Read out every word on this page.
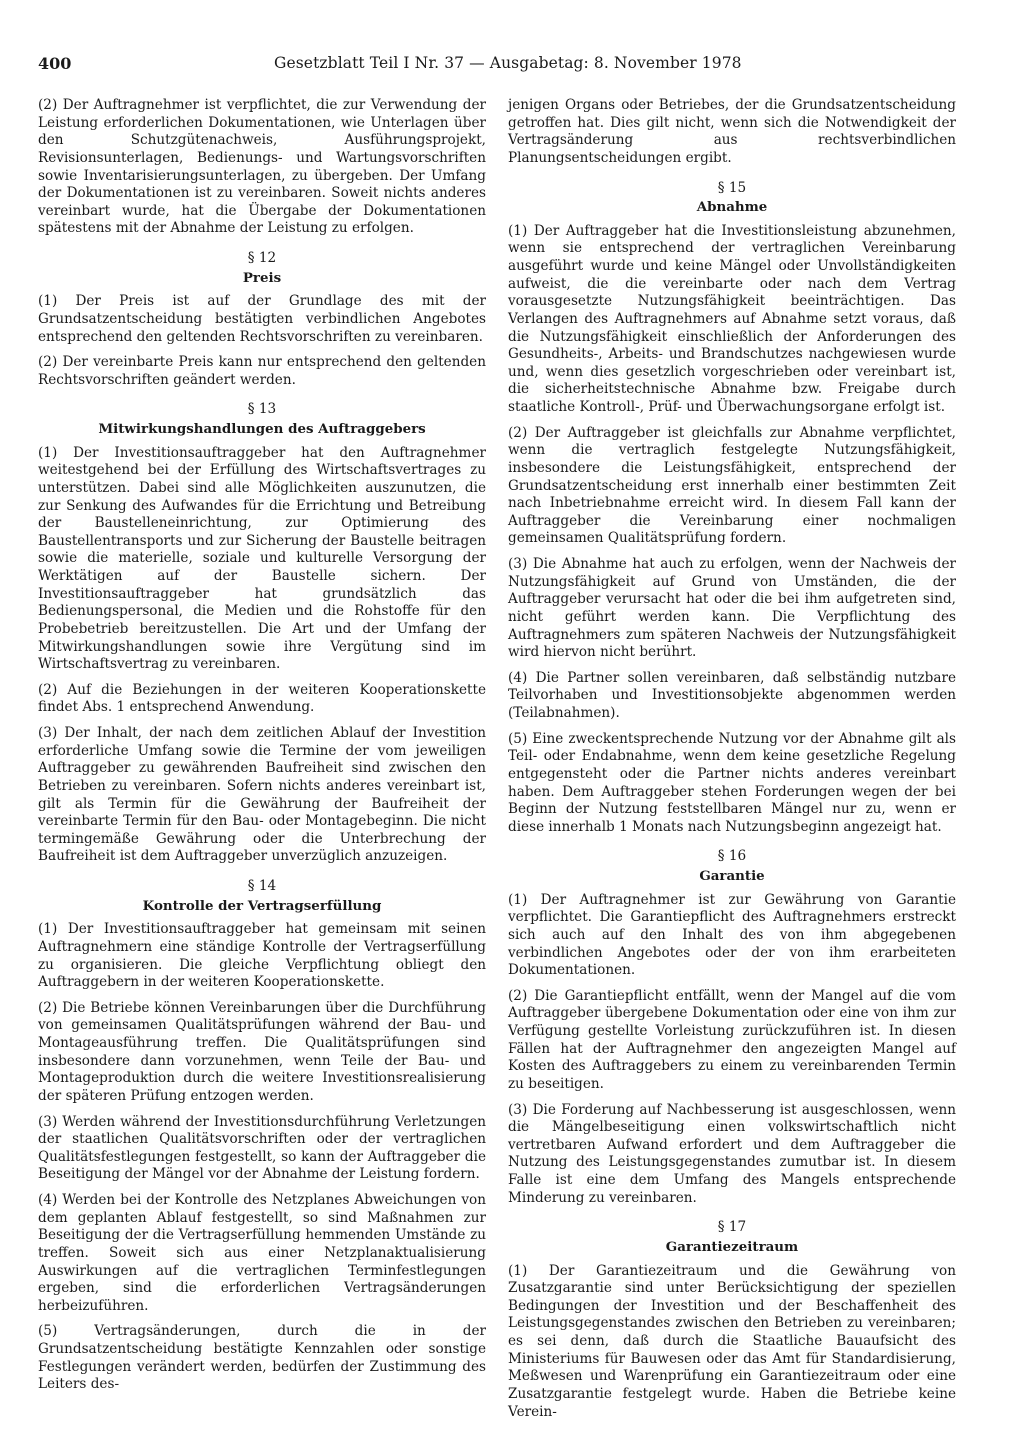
400	Gesetzblatt Teil I Nr. 37 — Ausgabetag: 8. November 1978

(2) Der Auftragnehmer ist verpflichtet, die zur Verwendung der Leistung erforderlichen Dokumentationen, wie Unterlagen über den Schutzgütenachweis, Ausführungsprojekt, Revisionsunterlagen, Bedienungs- und Wartungsvorschriften sowie Inventarisierungsunterlagen, zu übergeben. Der Umfang der Dokumentationen ist zu vereinbaren. Soweit nichts anderes vereinbart wurde, hat die Übergabe der Dokumentationen spätestens mit der Abnahme der Leistung zu erfolgen.

§ 12
Preis

(1) Der Preis ist auf der Grundlage des mit der Grundsatzentscheidung bestätigten verbindlichen Angebotes entsprechend den geltenden Rechtsvorschriften zu vereinbaren.

(2) Der vereinbarte Preis kann nur entsprechend den geltenden Rechtsvorschriften geändert werden.

§ 13
Mitwirkungshandlungen des Auftraggebers

(1) Der Investitionsauftraggeber hat den Auftragnehmer weitestgehend bei der Erfüllung des Wirtschaftsvertrages zu unterstützen. Dabei sind alle Möglichkeiten auszunutzen, die zur Senkung des Aufwandes für die Errichtung und Betreibung der Baustelleneinrichtung, zur Optimierung des Baustellentransports und zur Sicherung der Baustelle beitragen sowie die materielle, soziale und kulturelle Versorgung der Werktätigen auf der Baustelle sichern. Der Investitionsauftraggeber hat grundsätzlich das Bedienungspersonal, die Medien und die Rohstoffe für den Probebetrieb bereitzustellen. Die Art und der Umfang der Mitwirkungshandlungen sowie ihre Vergütung sind im Wirtschaftsvertrag zu vereinbaren.

(2) Auf die Beziehungen in der weiteren Kooperationskette findet Abs. 1 entsprechend Anwendung.

(3) Der Inhalt, der nach dem zeitlichen Ablauf der Investition erforderliche Umfang sowie die Termine der vom jeweiligen Auftraggeber zu gewährenden Baufreiheit sind zwischen den Betrieben zu vereinbaren. Sofern nichts anderes vereinbart ist, gilt als Termin für die Gewährung der Baufreiheit der vereinbarte Termin für den Bau- oder Montagebeginn. Die nicht termingemäße Gewährung oder die Unterbrechung der Baufreiheit ist dem Auftraggeber unverzüglich anzuzeigen.

§ 14
Kontrolle der Vertragserfüllung

(1) Der Investitionsauftraggeber hat gemeinsam mit seinen Auftragnehmern eine ständige Kontrolle der Vertragserfüllung zu organisieren. Die gleiche Verpflichtung obliegt den Auftraggebern in der weiteren Kooperationskette.

(2) Die Betriebe können Vereinbarungen über die Durchführung von gemeinsamen Qualitätsprüfungen während der Bau- und Montageausführung treffen. Die Qualitätsprüfungen sind insbesondere dann vorzunehmen, wenn Teile der Bau- und Montageproduktion durch die weitere Investitionsrealisierung der späteren Prüfung entzogen werden.

(3) Werden während der Investitionsdurchführung Verletzungen der staatlichen Qualitätsvorschriften oder der vertraglichen Qualitätsfestlegungen festgestellt, so kann der Auftraggeber die Beseitigung der Mängel vor der Abnahme der Leistung fordern.

(4) Werden bei der Kontrolle des Netzplanes Abweichungen von dem geplanten Ablauf festgestellt, so sind Maßnahmen zur Beseitigung der die Vertragserfüllung hemmenden Umstände zu treffen. Soweit sich aus einer Netzplanaktualisierung Auswirkungen auf die vertraglichen Terminfestlegungen ergeben, sind die erforderlichen Vertragsänderungen herbeizuführen.

(5) Vertragsänderungen, durch die in der Grundsatzentscheidung bestätigte Kennzahlen oder sonstige Festlegungen verändert werden, bedürfen der Zustimmung des Leiters des-

jenigen Organs oder Betriebes, der die Grundsatzentscheidung getroffen hat. Dies gilt nicht, wenn sich die Notwendigkeit der Vertragsänderung aus rechtsverbindlichen Planungsentscheidungen ergibt.

§ 15
Abnahme

(1) Der Auftraggeber hat die Investitionsleistung abzunehmen, wenn sie entsprechend der vertraglichen Vereinbarung ausgeführt wurde und keine Mängel oder Unvollständigkeiten aufweist, die die vereinbarte oder nach dem Vertrag vorausgesetzte Nutzungsfähigkeit beeinträchtigen. Das Verlangen des Auftragnehmers auf Abnahme setzt voraus, daß die Nutzungsfähigkeit einschließlich der Anforderungen des Gesundheits-, Arbeits- und Brandschutzes nachgewiesen wurde und, wenn dies gesetzlich vorgeschrieben oder vereinbart ist, die sicherheitstechnische Abnahme bzw. Freigabe durch staatliche Kontroll-, Prüf- und Überwachungsorgane erfolgt ist.

(2) Der Auftraggeber ist gleichfalls zur Abnahme verpflichtet, wenn die vertraglich festgelegte Nutzungsfähigkeit, insbesondere die Leistungsfähigkeit, entsprechend der Grundsatzentscheidung erst innerhalb einer bestimmten Zeit nach Inbetriebnahme erreicht wird. In diesem Fall kann der Auftraggeber die Vereinbarung einer nochmaligen gemeinsamen Qualitätsprüfung fordern.

(3) Die Abnahme hat auch zu erfolgen, wenn der Nachweis der Nutzungsfähigkeit auf Grund von Umständen, die der Auftraggeber verursacht hat oder die bei ihm aufgetreten sind, nicht geführt werden kann. Die Verpflichtung des Auftragnehmers zum späteren Nachweis der Nutzungsfähigkeit wird hiervon nicht berührt.

(4) Die Partner sollen vereinbaren, daß selbständig nutzbare Teilvorhaben und Investitionsobjekte abgenommen werden (Teilabnahmen).

(5) Eine zweckentsprechende Nutzung vor der Abnahme gilt als Teil- oder Endabnahme, wenn dem keine gesetzliche Regelung entgegensteht oder die Partner nichts anderes vereinbart haben. Dem Auftraggeber stehen Forderungen wegen der bei Beginn der Nutzung feststellbaren Mängel nur zu, wenn er diese innerhalb 1 Monats nach Nutzungsbeginn angezeigt hat.

§ 16
Garantie

(1) Der Auftragnehmer ist zur Gewährung von Garantie verpflichtet. Die Garantiepflicht des Auftragnehmers erstreckt sich auch auf den Inhalt des von ihm abgegebenen verbindlichen Angebotes oder der von ihm erarbeiteten Dokumentationen.

(2) Die Garantiepflicht entfällt, wenn der Mangel auf die vom Auftraggeber übergebene Dokumentation oder eine von ihm zur Verfügung gestellte Vorleistung zurückzuführen ist. In diesen Fällen hat der Auftragnehmer den angezeigten Mangel auf Kosten des Auftraggebers zu einem zu vereinbarenden Termin zu beseitigen.

(3) Die Forderung auf Nachbesserung ist ausgeschlossen, wenn die Mängelbeseitigung einen volkswirtschaftlich nicht vertretbaren Aufwand erfordert und dem Auftraggeber die Nutzung des Leistungsgegenstandes zumutbar ist. In diesem Falle ist eine dem Umfang des Mangels entsprechende Minderung zu vereinbaren.

§ 17
Garantiezeitraum

(1) Der Garantiezeitraum und die Gewährung von Zusatzgarantie sind unter Berücksichtigung der speziellen Bedingungen der Investition und der Beschaffenheit des Leistungsgegenstandes zwischen den Betrieben zu vereinbaren; es sei denn, daß durch die Staatliche Bauaufsicht des Ministeriums für Bauwesen oder das Amt für Standardisierung, Meßwesen und Warenprüfung ein Garantiezeitraum oder eine Zusatzgarantie festgelegt wurde. Haben die Betriebe keine Verein-
